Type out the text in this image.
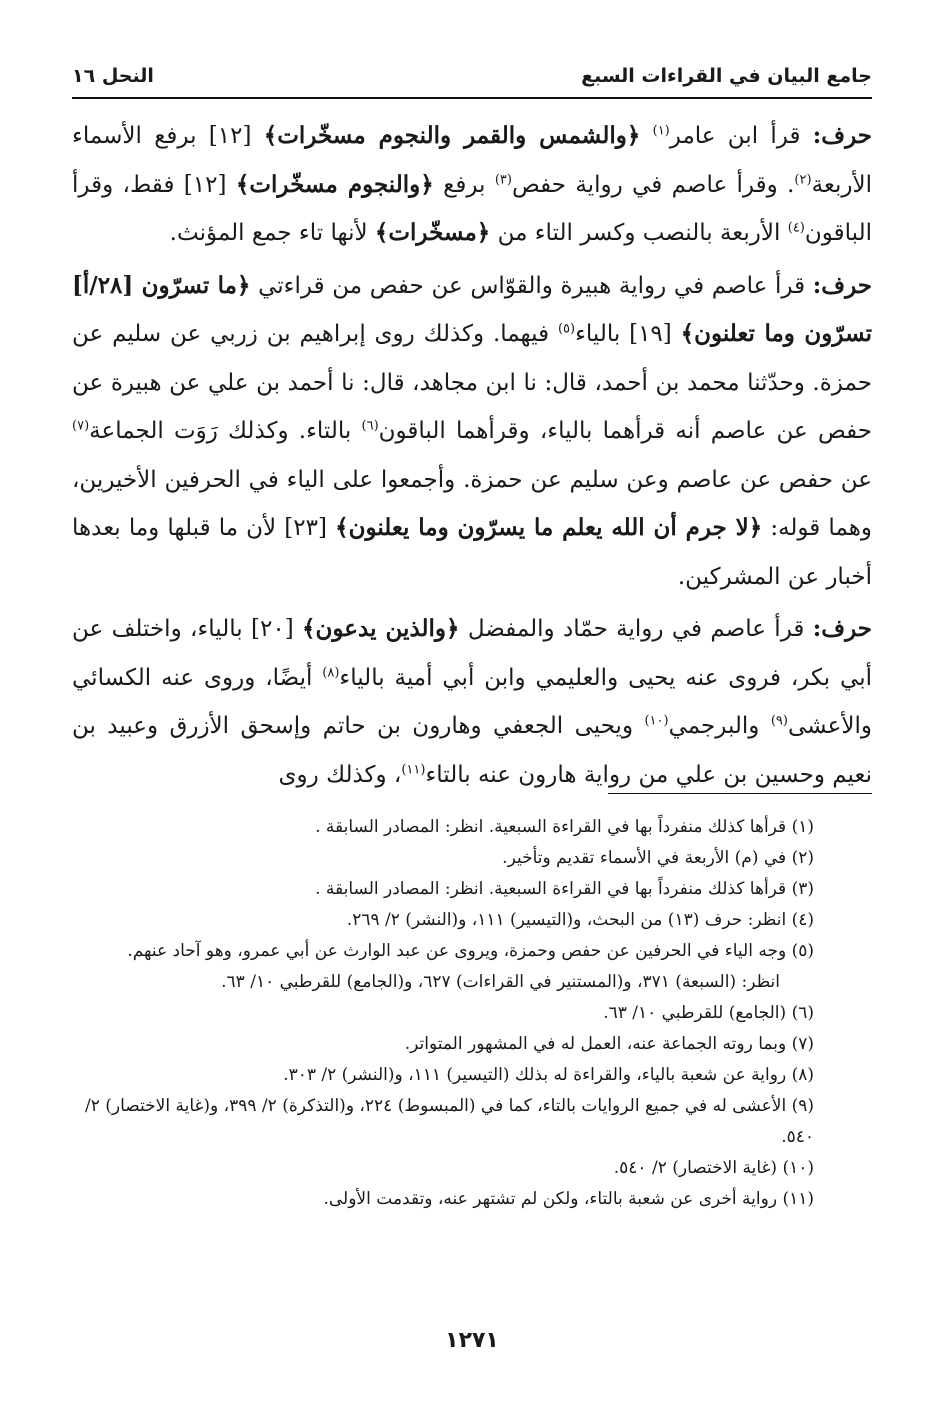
جامع البيان في القراءات السبع
النحل ١٦

حرف: قرأ ابن عامر$^{(١)}$ ﴿والشمس والقمر والنجوم مسخّرات﴾ [١٢] برفع الأسماء الأربعة$^{(٢)}$. وقرأ عاصم في رواية حفص$^{(٣)}$ برفع ﴿والنجوم مسخّرات﴾ [١٢] فقط، وقرأ الباقون$^{(٤)}$ الأربعة بالنصب وكسر التاء من ﴿مسخّرات﴾ لأنها تاء جمع المؤنث.

حرف: قرأ عاصم في رواية هبيرة والقوّاس عن حفص من قراءتي ﴿ما تسرّون [٢٨/أ] تسرّون وما تعلنون﴾ [١٩] بالياء$^{(٥)}$ فيهما. وكذلك روى إبراهيم بن زربي عن سليم عن حمزة. وحدّثنا محمد بن أحمد، قال: نا ابن مجاهد، قال: نا أحمد بن علي عن هبيرة عن حفص عن عاصم أنه قرأهما بالياء، وقرأهما الباقون$^{(٦)}$ بالتاء. وكذلك رَوَت الجماعة$^{(٧)}$ عن حفص عن عاصم وعن سليم عن حمزة. وأجمعوا على الياء في الحرفين الأخيرين، وهما قوله: ﴿لا جرم أن الله يعلم ما يسرّون وما يعلنون﴾ [٢٣] لأن ما قبلها وما بعدها أخبار عن المشركين.

حرف: قرأ عاصم في رواية حمّاد والمفضل ﴿والذين يدعون﴾ [٢٠] بالياء، واختلف عن أبي بكر، فروى عنه يحيى والعليمي وابن أبي أمية بالياء$^{(٨)}$ أيضًا، وروى عنه الكسائي والأعشى$^{(٩)}$ والبرجمي$^{(١٠)}$ ويحيى الجعفي وهارون بن حاتم وإسحق الأزرق وعبيد بن نعيم وحسين بن علي من رواية هارون عنه بالتاء$^{(١١)}$، وكذلك روى

(١) قرأها كذلك منفرداً بها في القراءة السبعية. انظر: المصادر السابقة .

(٢) في (م) الأربعة في الأسماء تقديم وتأخير.

(٣) قرأها كذلك منفرداً بها في القراءة السبعية. انظر: المصادر السابقة .

(٤) انظر: حرف (١٣) من البحث، و(التيسير) ١١١، و(النشر) ٢/ ٢٦٩.

(٥) وجه الياء في الحرفين عن حفص وحمزة، ويروى عن عبد الوارث عن أبي عمرو، وهو آحاد عنهم.

انظر: (السبعة) ٣٧١، و(المستنير في القراءات) ٦٢٧، و(الجامع) للقرطبي ١٠/ ٦٣.

(٦) (الجامع) للقرطبي ١٠/ ٦٣.

(٧) وبما روته الجماعة عنه، العمل له في المشهور المتواتر.

(٨) رواية عن شعبة بالياء، والقراءة له بذلك (التيسير) ١١١، و(النشر) ٢/ ٣٠٣.

(٩) الأعشى له في جميع الروايات بالتاء، كما في (المبسوط) ٢٢٤، و(التذكرة) ٢/ ٣٩٩، و(غاية الاختصار) ٢/ ٥٤٠.

(١٠) (غاية الاختصار) ٢/ ٥٤٠.

(١١) رواية أخرى عن شعبة بالتاء، ولكن لم تشتهر عنه، وتقدمت الأولى.

١٢٧١
